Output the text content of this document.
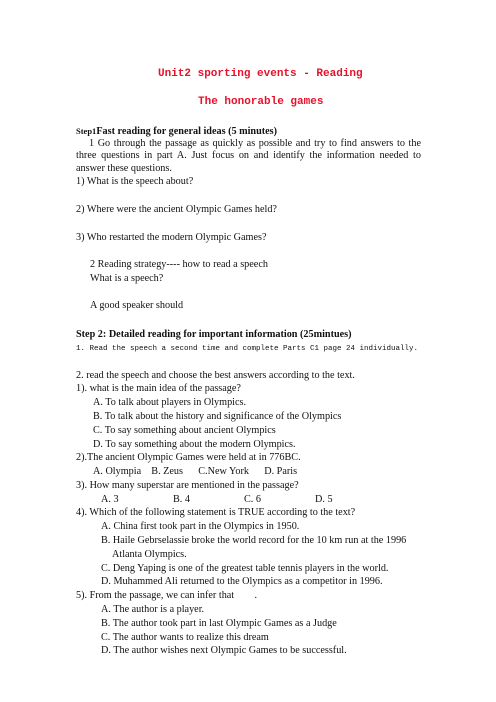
Unit2 sporting events - Reading
The honorable games
Step1Fast reading for general ideas (5 minutes)
1 Go through the passage as quickly as possible and try to find answers to the three questions in part A. Just focus on and identify the information needed to answer these questions.
1) What is the speech about?
2) Where were the ancient Olympic Games held?
3) Who restarted the modern Olympic Games?
2 Reading strategy---- how to read a speech
What is a speech?
A good speaker should
Step 2: Detailed reading for important information (25mintues)
1. Read the speech a second time and complete Parts C1 page 24 individually.
2. read the speech and choose the best answers according to the text.
1). what is the main idea of the passage?
A. To talk about players in Olympics.
B. To talk about the history and significance of the Olympics
C. To say something about ancient Olympics
D. To say something about the modern Olympics.
2).The ancient Olympic Games were held at in 776BC.
A. Olympia    B. Zeus      C.New York      D. Paris
3). How many superstar are mentioned in the passage?
A. 3	B. 4	C. 6	D. 5
4). Which of the following statement is TRUE according to the text?
A. China first took part in the Olympics in 1950.
B. Haile Gebrselassie broke the world record for the 10 km run at the 1996
Atlanta Olympics.
C. Deng Yaping is one of the greatest table tennis players in the world.
D. Muhammed Ali returned to the Olympics as a competitor in 1996.
5). From the passage, we can infer that        .
A. The author is a player.
B. The author took part in last Olympic Games as a Judge
C. The author wants to realize this dream
D. The author wishes next Olympic Games to be successful.
